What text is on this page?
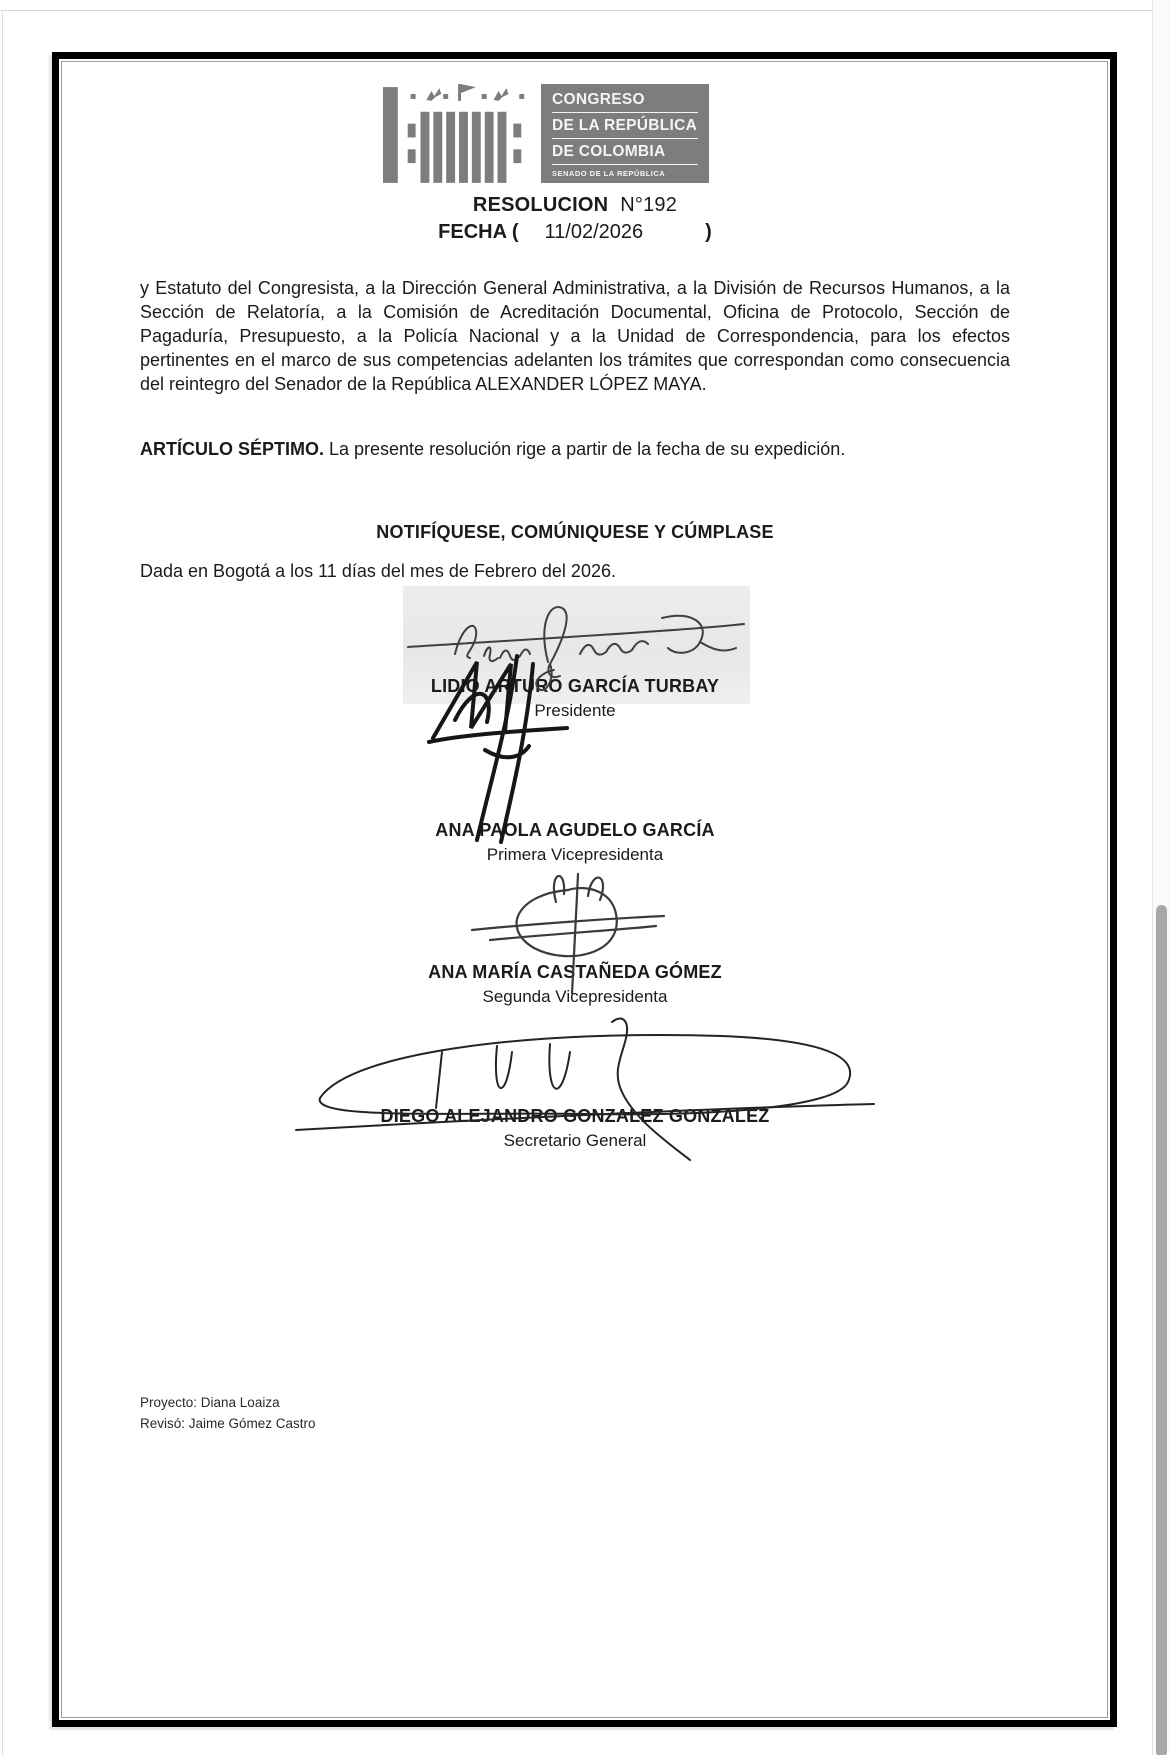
CONGRESO
DE LA REPÚBLICA
DE COLOMBIA
SENADO DE LA REPÚBLICA
RESOLUCION N°192
FECHA ( 11/02/2026	)
y Estatuto del Congresista, a la Dirección General Administrativa, a la División de Recursos Humanos, a la Sección de Relatoría, a la Comisión de Acreditación Documental, Oficina de Protocolo, Sección de Pagaduría, Presupuesto, a la Policía Nacional y a la Unidad de Correspondencia, para los efectos pertinentes en el marco de sus competencias adelanten los trámites que correspondan como consecuencia del reintegro del Senador de la República ALEXANDER LÓPEZ MAYA.
ARTÍCULO SÉPTIMO. La presente resolución rige a partir de la fecha de su expedición.
NOTIFÍQUESE, COMÚNIQUESE Y CÚMPLASE
Dada en Bogotá a los 11 días del mes de Febrero del 2026.
LIDIO ARTURO GARCÍA TURBAY
Presidente
ANA PAOLA AGUDELO GARCÍA
Primera Vicepresidenta
ANA MARÍA CASTAÑEDA GÓMEZ
Segunda Vicepresidenta
DIEGO ALEJANDRO GONZALEZ GONZALEZ
Secretario General
Proyecto: Diana Loaiza
Revisó: Jaime Gómez Castro
